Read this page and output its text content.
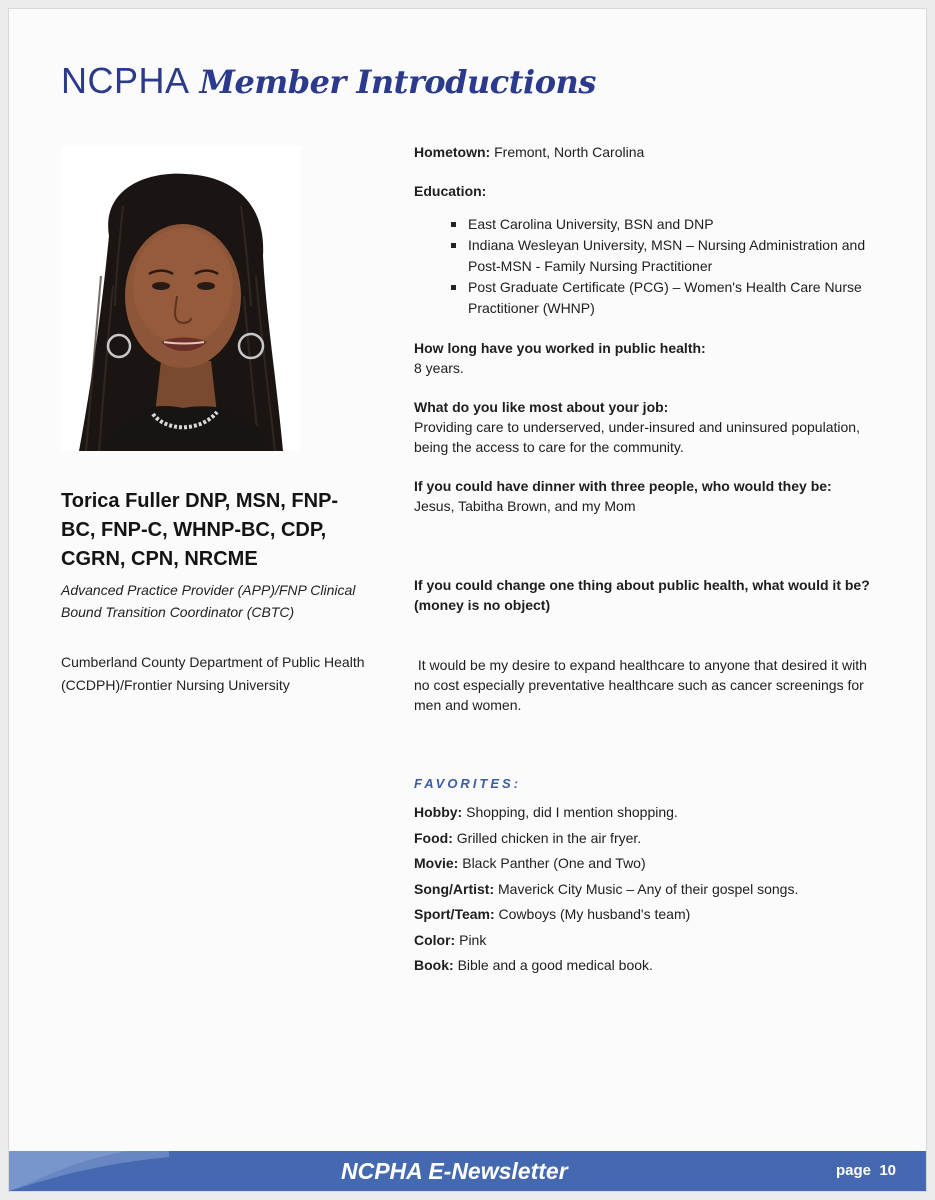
NCPHA Member Introductions
Torica Fuller DNP, MSN, FNP-BC, FNP-C, WHNP-BC, CDP, CGRN, CPN, NRCME
Advanced Practice Provider (APP)/FNP Clinical Bound Transition Coordinator (CBTC)
Cumberland County Department of Public Health (CCDPH)/Frontier Nursing University
Hometown: Fremont, North Carolina
Education:
East Carolina University, BSN and DNP
Indiana Wesleyan University, MSN – Nursing Administration and Post-MSN - Family Nursing Practitioner
Post Graduate Certificate (PCG) – Women's Health Care Nurse Practitioner (WHNP)
How long have you worked in public health:
8 years.
What do you like most about your job:
Providing care to underserved, under-insured and uninsured population, being the access to care for the community.
If you could have dinner with three people, who would they be:
Jesus, Tabitha Brown, and my Mom

If you could change one thing about public health, what would it be? (money is no object)

It would be my desire to expand healthcare to anyone that desired it with no cost especially preventative healthcare such as cancer screenings for men and women.

FAVORITES:
Hobby: Shopping, did I mention shopping.
Food: Grilled chicken in the air fryer.
Movie: Black Panther (One and Two)
Song/Artist: Maverick City Music – Any of their gospel songs.
Sport/Team: Cowboys (My husband's team)
Color: Pink
Book: Bible and a good medical book.
NCPHA E-Newsletter	page 10
